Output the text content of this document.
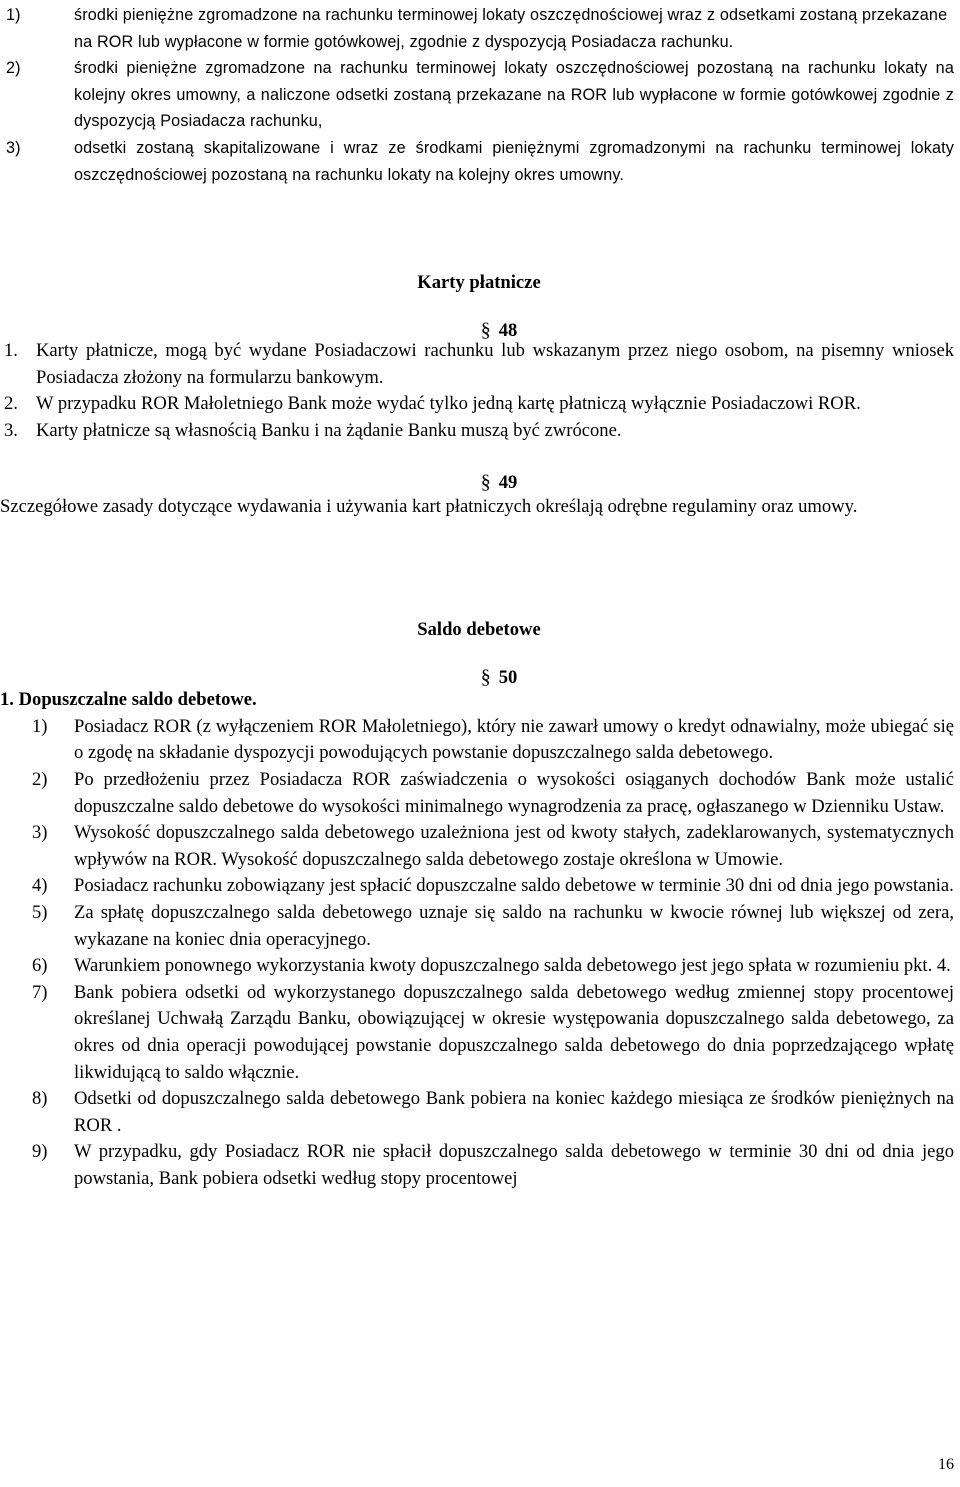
1)	środki pieniężne zgromadzone na rachunku terminowej lokaty oszczędnościowej wraz z odsetkami zostaną przekazane na ROR lub wypłacone w formie gotówkowej, zgodnie z dyspozycją Posiadacza rachunku.

2)	środki pieniężne zgromadzone na rachunku terminowej lokaty oszczędnościowej pozostaną na rachunku lokaty na kolejny okres umowny, a naliczone odsetki zostaną przekazane na ROR lub wypłacone w formie gotówkowej zgodnie z dyspozycją Posiadacza rachunku,

3)	odsetki zostaną skapitalizowane i wraz ze środkami pieniężnymi zgromadzonymi na rachunku terminowej lokaty oszczędnościowej pozostaną na rachunku lokaty na kolejny okres umowny.

Karty płatnicze

§ 48

1. Karty płatnicze, mogą być wydane Posiadaczowi rachunku lub wskazanym przez niego osobom, na pisemny wniosek Posiadacza złożony na formularzu bankowym.

2. W przypadku ROR Małoletniego Bank może wydać tylko jedną kartę płatniczą wyłącznie Posiadaczowi ROR.

3. Karty płatnicze są własnością Banku i na żądanie Banku muszą być zwrócone.

§ 49

Szczegółowe zasady dotyczące wydawania i używania kart płatniczych określają odrębne regulaminy oraz umowy.

Saldo debetowe

§ 50

1. Dopuszczalne saldo debetowe.

1) Posiadacz ROR (z wyłączeniem ROR Małoletniego), który nie zawarł umowy o kredyt odnawialny, może ubiegać się o zgodę na składanie dyspozycji powodujących powstanie dopuszczalnego salda debetowego.

2) Po przedłożeniu przez Posiadacza ROR zaświadczenia o wysokości osiąganych dochodów Bank może ustalić dopuszczalne saldo debetowe do wysokości minimalnego wynagrodzenia za pracę, ogłaszanego w Dzienniku Ustaw.

3) Wysokość dopuszczalnego salda debetowego uzależniona jest od kwoty stałych, zadeklarowanych, systematycznych wpływów na ROR. Wysokość dopuszczalnego salda debetowego zostaje określona w Umowie.

4) Posiadacz rachunku zobowiązany jest spłacić dopuszczalne saldo debetowe w terminie 30 dni od dnia jego powstania.

5) Za spłatę dopuszczalnego salda debetowego uznaje się saldo na rachunku w kwocie równej lub większej od zera, wykazane na koniec dnia operacyjnego.

6) Warunkiem ponownego wykorzystania kwoty dopuszczalnego salda debetowego jest jego spłata w rozumieniu pkt. 4.

7) Bank pobiera odsetki od wykorzystanego dopuszczalnego salda debetowego według zmiennej stopy procentowej określanej Uchwałą Zarządu Banku, obowiązującej w okresie występowania dopuszczalnego salda debetowego, za okres od dnia operacji powodującej powstanie dopuszczalnego salda debetowego do dnia poprzedzającego wpłatę likwidującą to saldo włącznie.

8) Odsetki od dopuszczalnego salda debetowego Bank pobiera na koniec każdego miesiąca ze środków pieniężnych na ROR .

9) W przypadku, gdy Posiadacz ROR nie spłacił dopuszczalnego salda debetowego w terminie 30 dni od dnia jego powstania, Bank pobiera odsetki według stopy procentowej

16
